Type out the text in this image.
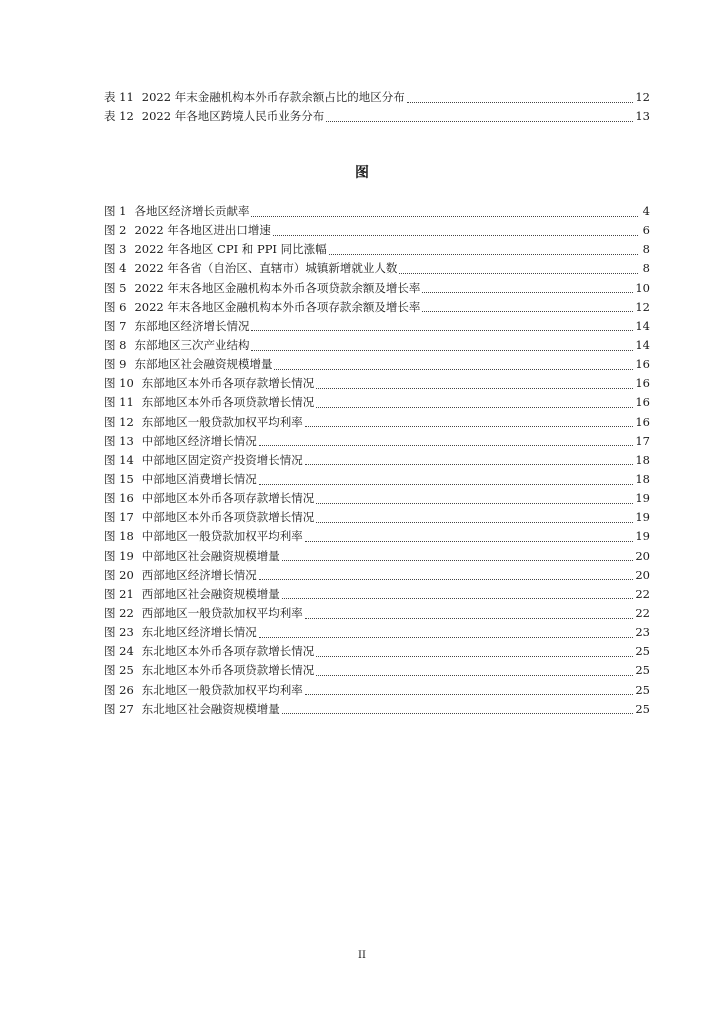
表 11 2022 年末金融机构本外币存款余额占比的地区分布	12
表 12 2022 年各地区跨境人民币业务分布	13
图
图 1 各地区经济增长贡献率	4
图 2 2022 年各地区进出口增速	6
图 3 2022 年各地区 CPI 和 PPI 同比涨幅	8
图 4 2022 年各省（自治区、直辖市）城镇新增就业人数	8
图 5 2022 年末各地区金融机构本外币各项贷款余额及增长率	10
图 6 2022 年末各地区金融机构本外币各项存款余额及增长率	12
图 7 东部地区经济增长情况	14
图 8 东部地区三次产业结构	14
图 9 东部地区社会融资规模增量	16
图 10 东部地区本外币各项存款增长情况	16
图 11 东部地区本外币各项贷款增长情况	16
图 12 东部地区一般贷款加权平均利率	16
图 13 中部地区经济增长情况	17
图 14 中部地区固定资产投资增长情况	18
图 15 中部地区消费增长情况	18
图 16 中部地区本外币各项存款增长情况	19
图 17 中部地区本外币各项贷款增长情况	19
图 18 中部地区一般贷款加权平均利率	19
图 19 中部地区社会融资规模增量	20
图 20 西部地区经济增长情况	20
图 21 西部地区社会融资规模增量	22
图 22 西部地区一般贷款加权平均利率	22
图 23 东北地区经济增长情况	23
图 24 东北地区本外币各项存款增长情况	25
图 25 东北地区本外币各项贷款增长情况	25
图 26 东北地区一般贷款加权平均利率	25
图 27 东北地区社会融资规模增量	25
II
